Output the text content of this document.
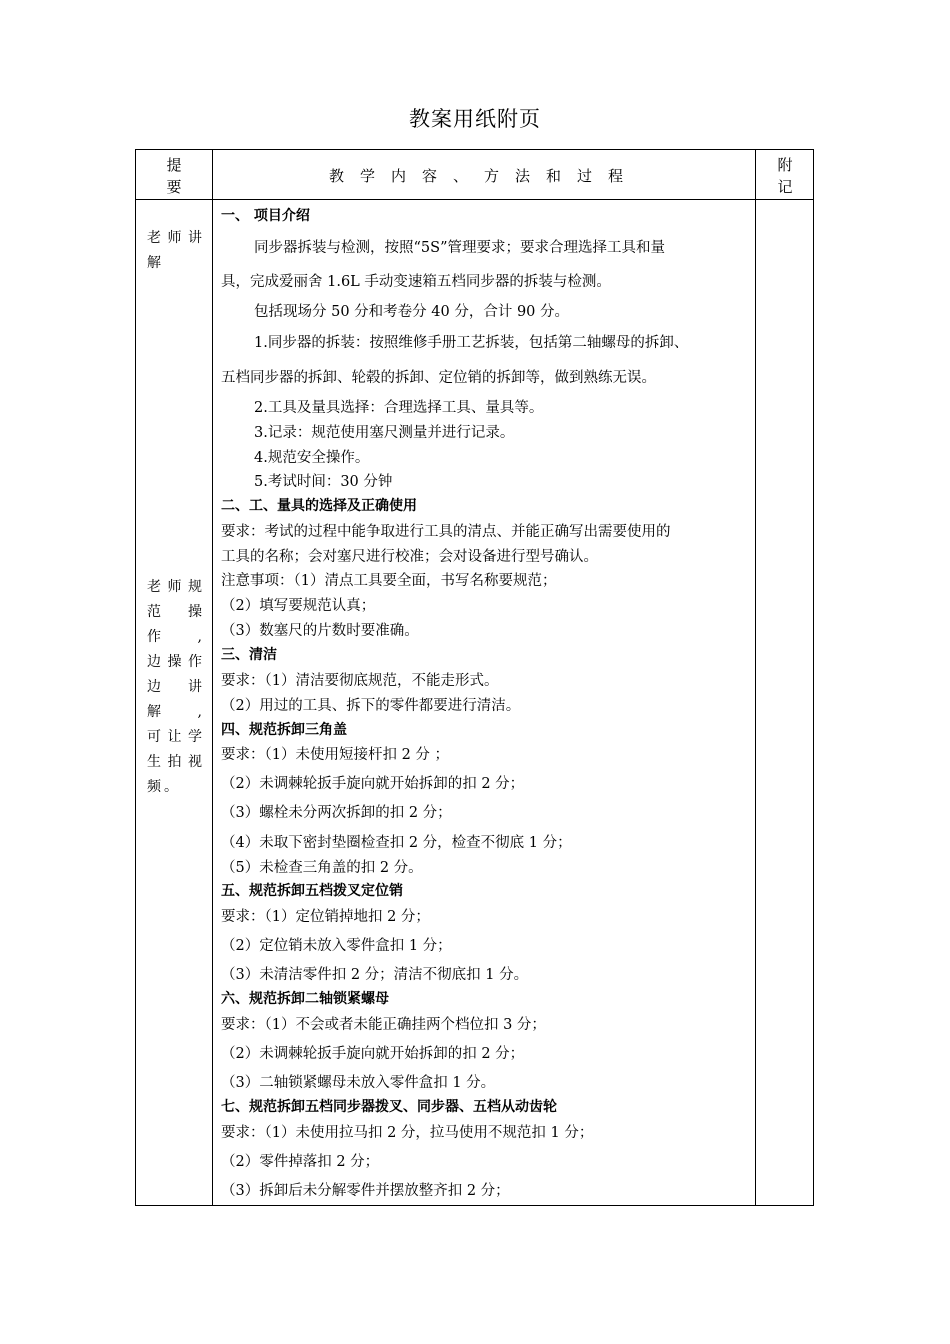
教案用纸附页
提
要
教学内容、方法和过程
附
记
老师讲
解
老师规
范操作,
边操作
边讲解,
可让学
生拍视
频。
一、 项目介绍
同步器拆装与检测，按照“5S”管理要求；要求合理选择工具和量
具，完成爱丽舍 1.6L 手动变速箱五档同步器的拆装与检测。
包括现场分 50 分和考卷分 40 分，合计 90 分。
1.同步器的拆装：按照维修手册工艺拆装，包括第二轴螺母的拆卸、
五档同步器的拆卸、轮毂的拆卸、定位销的拆卸等，做到熟练无误。
2.工具及量具选择：合理选择工具、量具等。
3.记录：规范使用塞尺测量并进行记录。
4.规范安全操作。
5.考试时间：30 分钟
二、工、量具的选择及正确使用
要求：考试的过程中能争取进行工具的清点、并能正确写出需要使用的
工具的名称；会对塞尺进行校准；会对设备进行型号确认。
注意事项：（1）清点工具要全面，书写名称要规范；
（2）填写要规范认真；
（3）数塞尺的片数时要准确。
三、清洁
要求：（1）清洁要彻底规范，不能走形式。
（2）用过的工具、拆下的零件都要进行清洁。
四、规范拆卸三角盖
要求：（1）未使用短接杆扣 2 分 ；
（2）未调棘轮扳手旋向就开始拆卸的扣 2 分；
（3）螺栓未分两次拆卸的扣 2 分；
（4）未取下密封垫圈检查扣 2 分，检查不彻底 1 分；
（5）未检查三角盖的扣 2 分。
五、规范拆卸五档拨叉定位销
要求：（1）定位销掉地扣 2 分；
（2）定位销未放入零件盒扣 1 分；
（3）未清洁零件扣 2 分；清洁不彻底扣 1 分。
六、规范拆卸二轴锁紧螺母
要求：（1）不会或者未能正确挂两个档位扣 3 分；
（2）未调棘轮扳手旋向就开始拆卸的扣 2 分；
（3）二轴锁紧螺母未放入零件盒扣 1 分。
七、规范拆卸五档同步器拨叉、同步器、五档从动齿轮
要求：（1）未使用拉马扣 2 分，拉马使用不规范扣 1 分；
（2）零件掉落扣 2 分；
（3）拆卸后未分解零件并摆放整齐扣 2 分；
